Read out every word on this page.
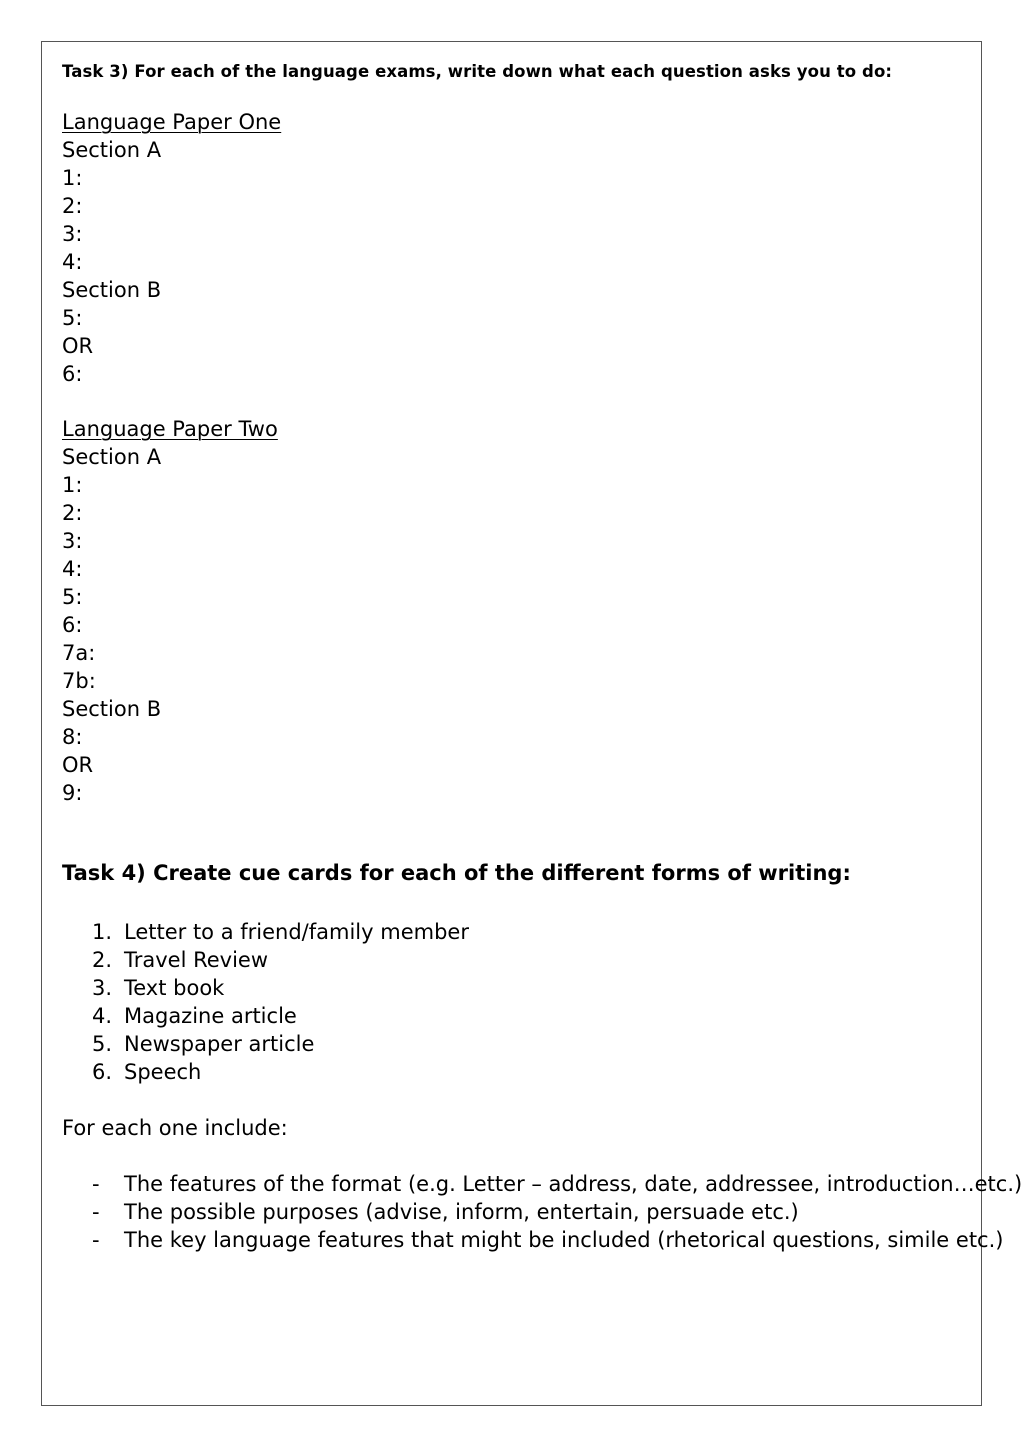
Task 3) For each of the language exams, write down what each question asks you to do:
Language Paper One
Section A
1:
2:
3:
4:
Section B
5:
OR
6:
Language Paper Two
Section A
1:
2:
3:
4:
5:
6:
7a:
7b:
Section B
8:
OR
9:
Task 4) Create cue cards for each of the different forms of writing:
1. Letter to a friend/family member
2. Travel Review
3. Text book
4. Magazine article
5. Newspaper article
6. Speech
For each one include:
- The features of the format (e.g. Letter – address, date, addressee, introduction…etc.)
- The possible purposes (advise, inform, entertain, persuade etc.)
- The key language features that might be included (rhetorical questions, simile etc.)
